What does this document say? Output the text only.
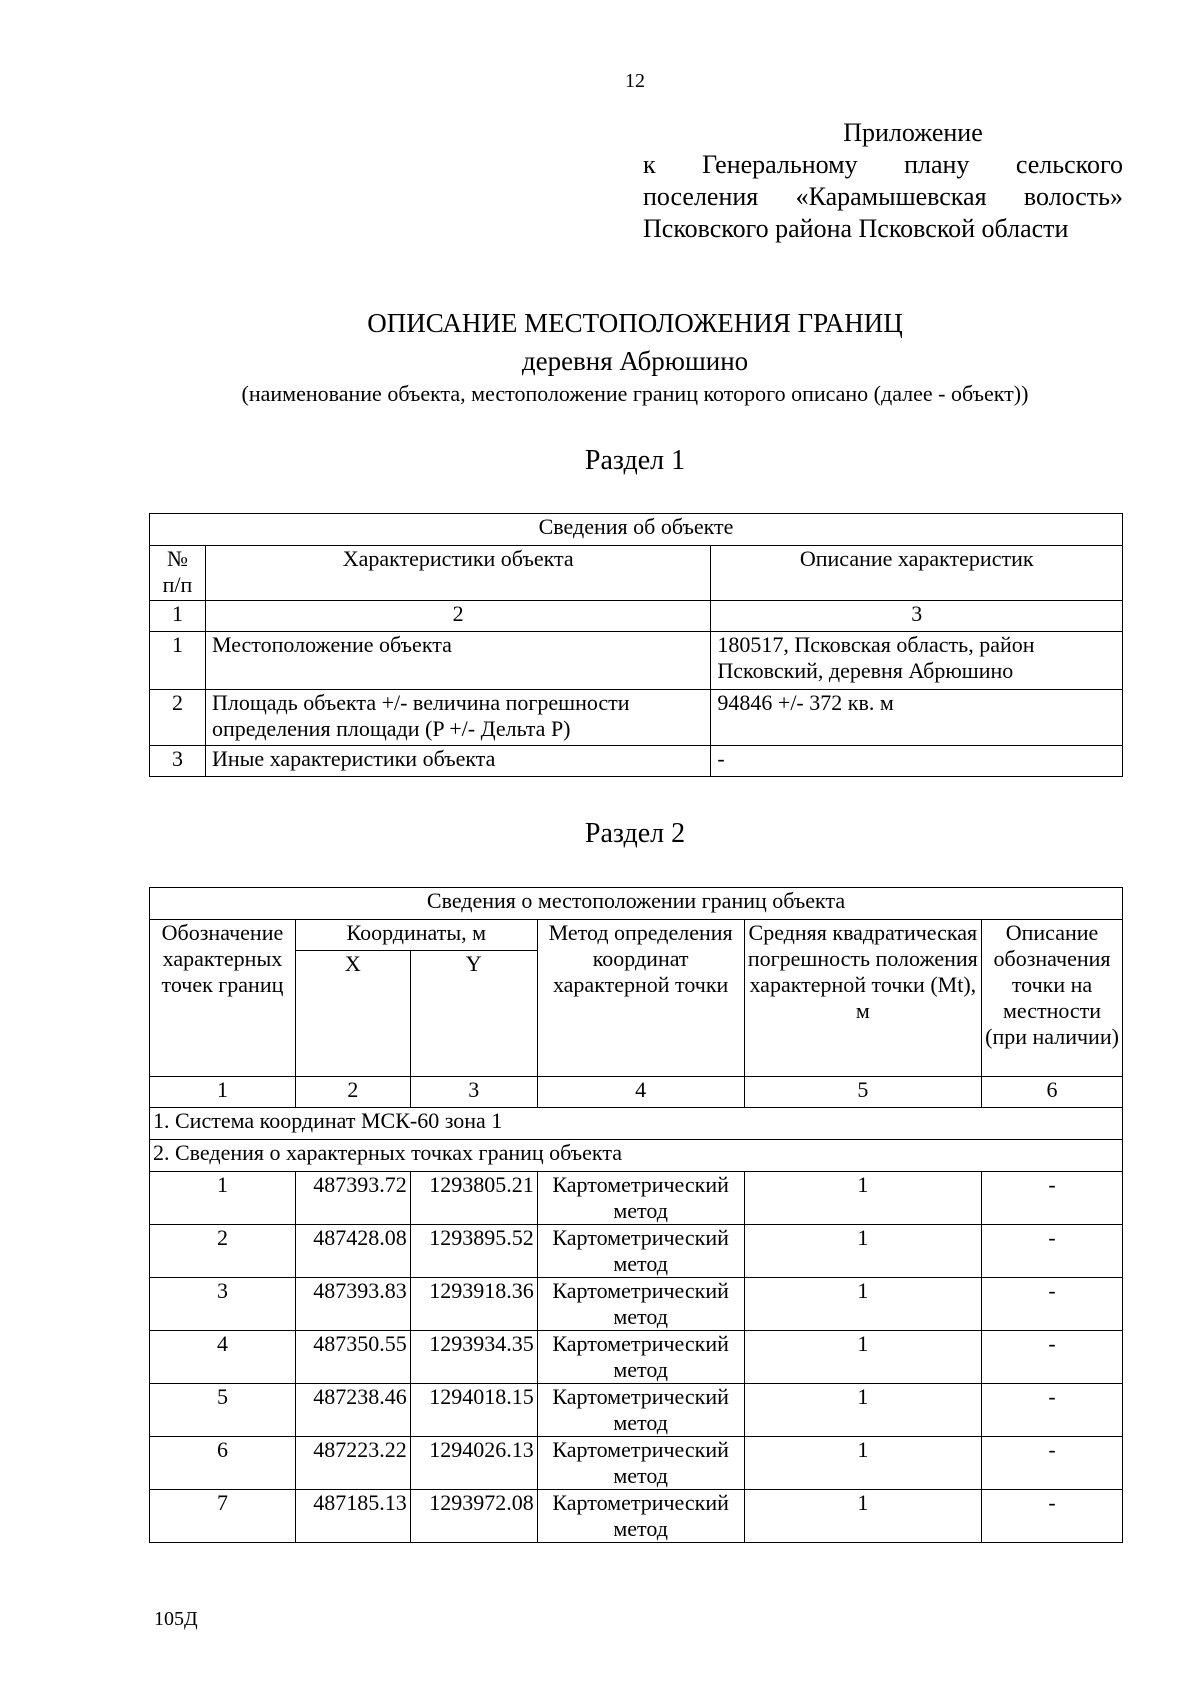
12
Приложение
к Генеральному плану сельского
поселения «Карамышевская волость»
Псковского района Псковской области
ОПИСАНИЕ МЕСТОПОЛОЖЕНИЯ ГРАНИЦ
деревня Абрюшино
(наименование объекта, местоположение границ которого описано (далее - объект))
Раздел 1
Сведения об объекте		
№ п/п	Характеристики объекта	Описание характеристик
1	2	3
1	Местоположение объекта	180517, Псковская область, район Псковский, деревня Абрюшино
2	Площадь объекта +/- величина погрешности определения площади (P +/- Дельта P)	94846 +/- 372 кв. м
3	Иные характеристики объекта	-
Раздел 2
Сведения о местоположении границ объекта					
Обозначение характерных точек границ	Координаты, м		Метод определения координат характерной точки	Средняя квадратическая погрешность положения характерной точки (Mt), м	Описание обозначения точки на местности (при наличии)
	X	Y			
1	2	3	4	5	6
1. Система координат МСК-60 зона 1					
2. Сведения о характерных точках границ объекта					
1	487393.72	1293805.21	Картометрический метод	1	-
2	487428.08	1293895.52	Картометрический метод	1	-
3	487393.83	1293918.36	Картометрический метод	1	-
4	487350.55	1293934.35	Картометрический метод	1	-
5	487238.46	1294018.15	Картометрический метод	1	-
6	487223.22	1294026.13	Картометрический метод	1	-
7	487185.13	1293972.08	Картометрический метод	1	-
105Д
